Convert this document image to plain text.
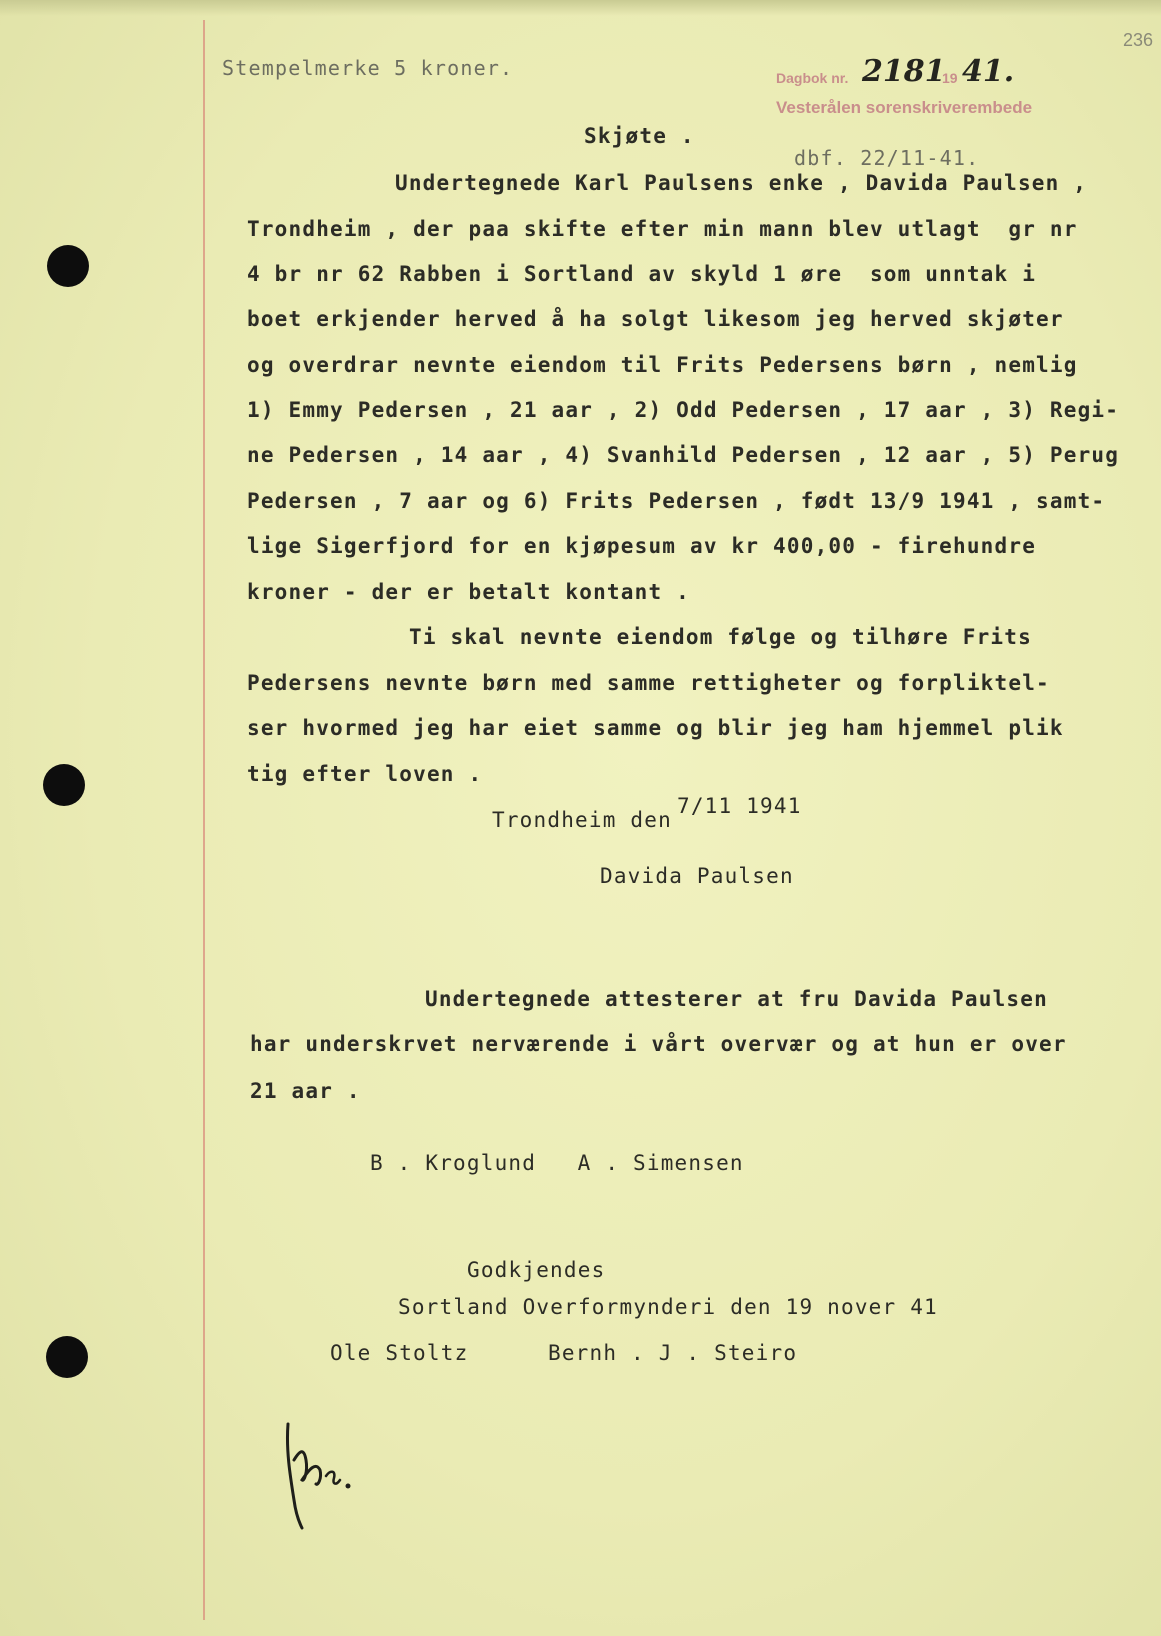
236
Stempelmerke 5 kroner.	Dagbok nr. 2181
19 41.
Vesterålen sorenskriverembede
dbf. 22/11-41.
Skjøte .
Undertegnede Karl Paulsens enke , Davida Paulsen ,
Trondheim , der paa skifte efter min mann blev utlagt  gr nr
4 br nr 62 Rabben i Sortland av skyld 1 øre  som unntak i
boet erkjender herved å ha solgt likesom jeg herved skjøter
og overdrar nevnte eiendom til Frits Pedersens børn , nemlig
1) Emmy Pedersen , 21 aar , 2) Odd Pedersen , 17 aar , 3) Regi-
ne Pedersen , 14 aar , 4) Svanhild Pedersen , 12 aar , 5) Perug
Pedersen , 7 aar og 6) Frits Pedersen , født 13/9 1941 , samt-
lige Sigerfjord for en kjøpesum av kr 400,00 - firehundre
kroner - der er betalt kontant .
Ti skal nevnte eiendom følge og tilhøre Frits
Pedersens nevnte børn med samme rettigheter og forpliktel-
ser hvormed jeg har eiet samme og blir jeg ham hjemmel plik
tig efter loven .
Trondheim den
7/11 1941
Davida Paulsen
Undertegnede attesterer at fru Davida Paulsen
har underskrvet nerværende i vårt overvær og at hun er over
21 aar .
B . Kroglund   A . Simensen
Godkjendes
Sortland Overformynderi den 19 nover 41
Ole Stoltz	Bernh . J . Steiro
